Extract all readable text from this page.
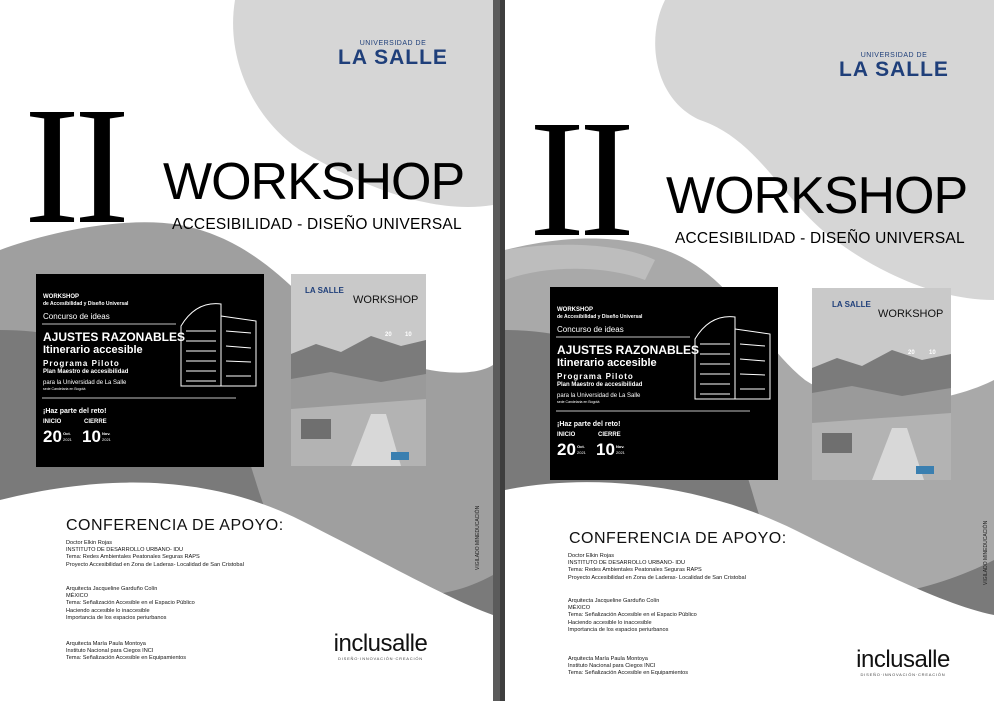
UNIVERSIDAD DE
LA SALLE
II WORKSHOP
ACCESIBILIDAD - DISEÑO UNIVERSAL
WORKSHOP
de Accesibilidad y Diseño Universal
Concurso de ideas
AJUSTES RAZONABLES
Itinerario accesible
Programa Piloto
Plan Maestro de accesibilidad
para la Universidad de La Salle
sede Candelaria en Bogotá
¡Haz parte del reto!
INICIO	CIERRE
20 Oct.
2021 10 Nov.
2021
LA SALLE
WORKSHOP
20 10
CONFERENCIA DE APOYO:
Doctor Elkin Rojas
INSTITUTO DE DESARROLLO URBANO- IDU
Tema: Redes Ambientales Peatonales Seguras RAPS
Proyecto Accesibilidad en Zona de Laderas- Localidad de San Cristobal
Arquitecta Jacqueline Garduño Colín
MÉXICO
Tema: Señalización Accesible en el Espacio Público
Haciendo accesible lo inaccesible
Importancia de los espacios periurbanos
Arquitecta María Paula Montoya
Instituto Nacional para Ciegos INCI
Tema: Señalización Accesible en Equipamientos
VIGILADO MINEDUCACIÓN
inclusalle
DISEÑO·INNOVACIÓN·CREACIÓN
UNIVERSIDAD DE
LA SALLE
II WORKSHOP
ACCESIBILIDAD - DISEÑO UNIVERSAL
WORKSHOP
de Accesibilidad y Diseño Universal
Concurso de ideas
AJUSTES RAZONABLES
Itinerario accesible
Programa Piloto
Plan Maestro de accesibilidad
para la Universidad de La Salle
sede Candelaria en Bogotá
¡Haz parte del reto!
INICIO	CIERRE
20 Oct.
2021 10 Nov.
2021
LA SALLE
WORKSHOP
20 10
CONFERENCIA DE APOYO:
Doctor Elkin Rojas
INSTITUTO DE DESARROLLO URBANO- IDU
Tema: Redes Ambientales Peatonales Seguras RAPS
Proyecto Accesibilidad en Zona de Laderas- Localidad de San Cristobal
Arquitecta Jacqueline Garduño Colín
MÉXICO
Tema: Señalización Accesible en el Espacio Público
Haciendo accesible lo inaccesible
Importancia de los espacios periurbanos
Arquitecta María Paula Montoya
Instituto Nacional para Ciegos INCI
Tema: Señalización Accesible en Equipamientos
VIGILADO MINEDUCACIÓN
inclusalle
DISEÑO·INNOVACIÓN·CREACIÓN
